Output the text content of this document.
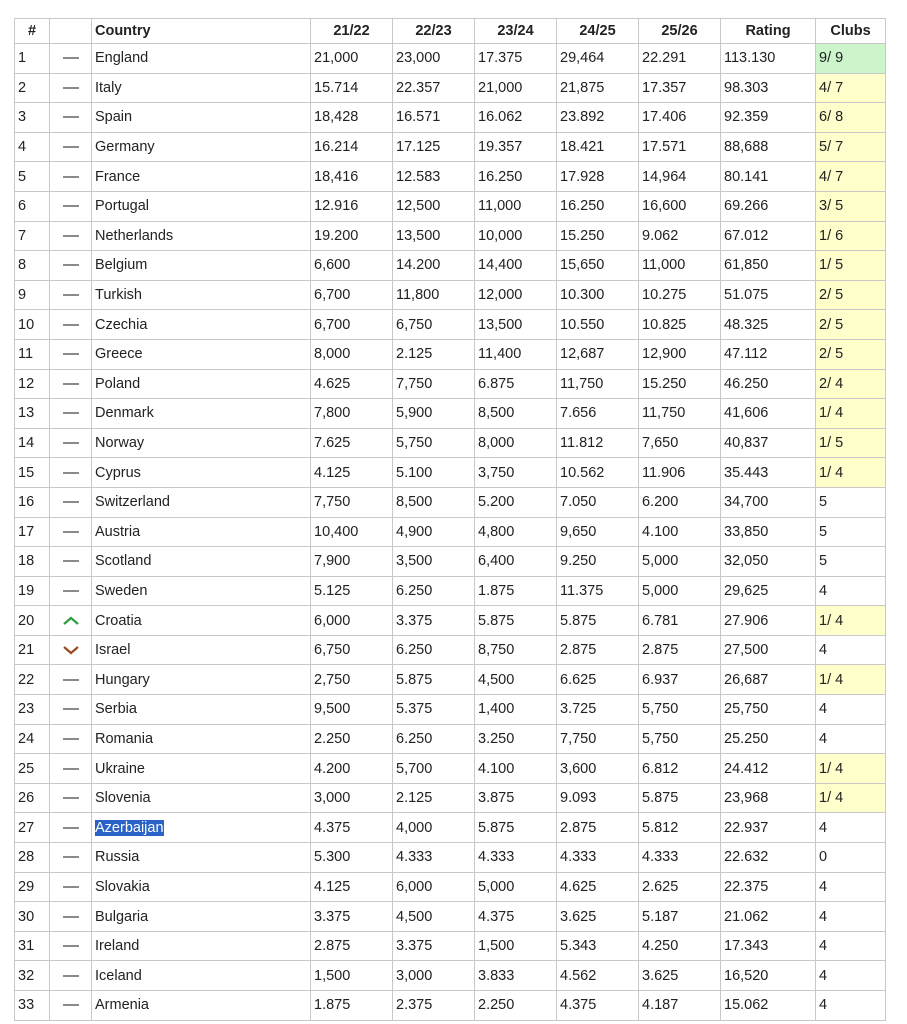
#		Country	21/22	22/23	23/24	24/25	25/26	Rating	Clubs
1		England	21,000	23,000	17.375	29,464	22.291	113.130	9/ 9
2		Italy	15.714	22.357	21,000	21,875	17.357	98.303	4/ 7
3		Spain	18,428	16.571	16.062	23.892	17.406	92.359	6/ 8
4		Germany	16.214	17.125	19.357	18.421	17.571	88,688	5/ 7
5		France	18,416	12.583	16.250	17.928	14,964	80.141	4/ 7
6		Portugal	12.916	12,500	11,000	16.250	16,600	69.266	3/ 5
7		Netherlands	19.200	13,500	10,000	15.250	9.062	67.012	1/ 6
8		Belgium	6,600	14.200	14,400	15,650	11,000	61,850	1/ 5
9		Turkish	6,700	11,800	12,000	10.300	10.275	51.075	2/ 5
10		Czechia	6,700	6,750	13,500	10.550	10.825	48.325	2/ 5
11		Greece	8,000	2.125	11,400	12,687	12,900	47.112	2/ 5
12		Poland	4.625	7,750	6.875	11,750	15.250	46.250	2/ 4
13		Denmark	7,800	5,900	8,500	7.656	11,750	41,606	1/ 4
14		Norway	7.625	5,750	8,000	11.812	7,650	40,837	1/ 5
15		Cyprus	4.125	5.100	3,750	10.562	11.906	35.443	1/ 4
16		Switzerland	7,750	8,500	5.200	7.050	6.200	34,700	5
17		Austria	10,400	4,900	4,800	9,650	4.100	33,850	5
18		Scotland	7,900	3,500	6,400	9.250	5,000	32,050	5
19		Sweden	5.125	6.250	1.875	11.375	5,000	29,625	4
20		Croatia	6,000	3.375	5.875	5.875	6.781	27.906	1/ 4
21		Israel	6,750	6.250	8,750	2.875	2.875	27,500	4
22		Hungary	2,750	5.875	4,500	6.625	6.937	26,687	1/ 4
23		Serbia	9,500	5.375	1,400	3.725	5,750	25,750	4
24		Romania	2.250	6.250	3.250	7,750	5,750	25.250	4
25		Ukraine	4.200	5,700	4.100	3,600	6.812	24.412	1/ 4
26		Slovenia	3,000	2.125	3.875	9.093	5.875	23,968	1/ 4
27		Azerbaijan	4.375	4,000	5.875	2.875	5.812	22.937	4
28		Russia	5.300	4.333	4.333	4.333	4.333	22.632	0
29		Slovakia	4.125	6,000	5,000	4.625	2.625	22.375	4
30		Bulgaria	3.375	4,500	4.375	3.625	5.187	21.062	4
31		Ireland	2.875	3.375	1,500	5.343	4.250	17.343	4
32		Iceland	1,500	3,000	3.833	4.562	3.625	16,520	4
33		Armenia	1.875	2.375	2.250	4.375	4.187	15.062	4
